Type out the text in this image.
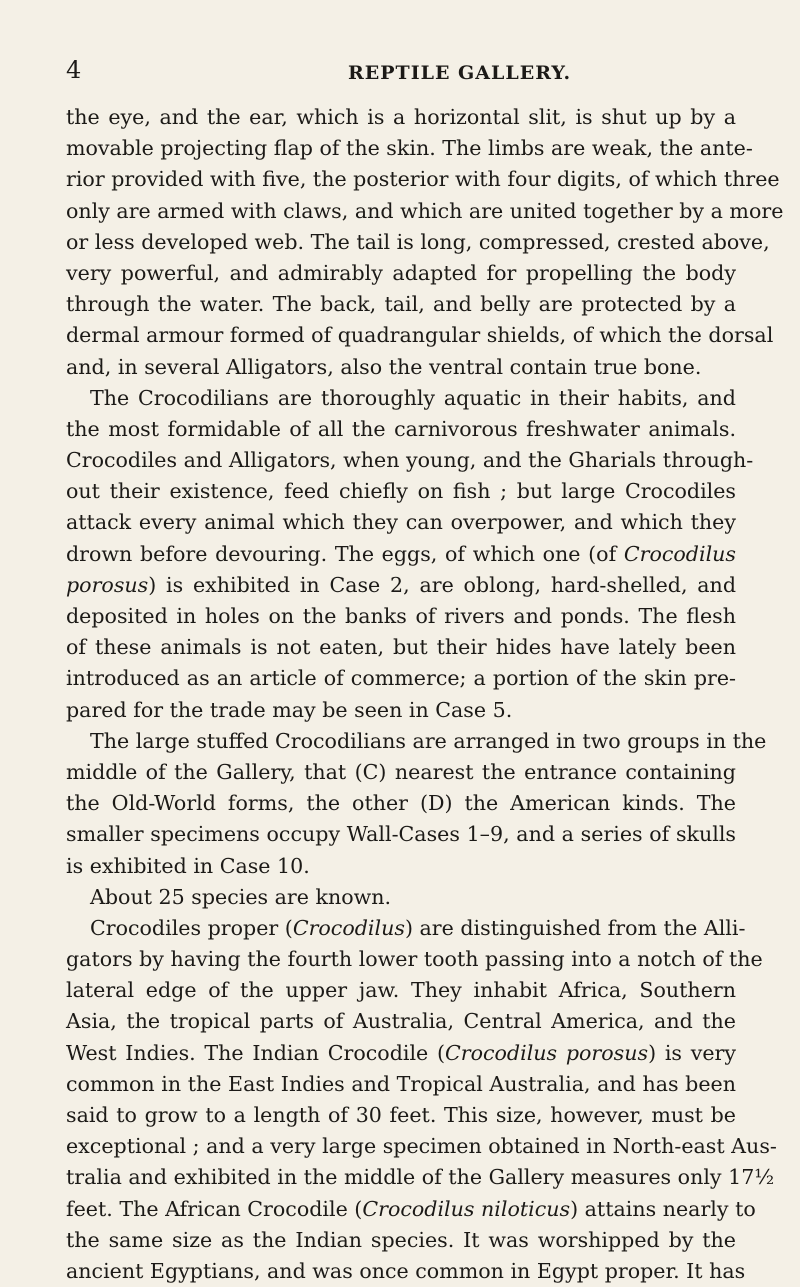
4	REPTILE GALLERY.
the eye, and the ear, which is a horizontal slit, is shut up by a
movable projecting flap of the skin. The limbs are weak, the ante-
rior provided with five, the posterior with four digits, of which three
only are armed with claws, and which are united together by a more
or less developed web. The tail is long, compressed, crested above,
very powerful, and admirably adapted for propelling the body
through the water. The back, tail, and belly are protected by a
dermal armour formed of quadrangular shields, of which the dorsal
and, in several Alligators, also the ventral contain true bone.
The Crocodilians are thoroughly aquatic in their habits, and
the most formidable of all the carnivorous freshwater animals.
Crocodiles and Alligators, when young, and the Gharials through-
out their existence, feed chiefly on fish ; but large Crocodiles
attack every animal which they can overpower, and which they
drown before devouring. The eggs, of which one (of Crocodilus
porosus) is exhibited in Case 2, are oblong, hard-shelled, and
deposited in holes on the banks of rivers and ponds. The flesh
of these animals is not eaten, but their hides have lately been
introduced as an article of commerce; a portion of the skin pre-
pared for the trade may be seen in Case 5.
The large stuffed Crocodilians are arranged in two groups in the
middle of the Gallery, that (C) nearest the entrance containing
the Old-World forms, the other (D) the American kinds. The
smaller specimens occupy Wall-Cases 1–9, and a series of skulls
is exhibited in Case 10.
About 25 species are known.
Crocodiles proper (Crocodilus) are distinguished from the Alli-
gators by having the fourth lower tooth passing into a notch of the
lateral edge of the upper jaw. They inhabit Africa, Southern
Asia, the tropical parts of Australia, Central America, and the
West Indies. The Indian Crocodile (Crocodilus porosus) is very
common in the East Indies and Tropical Australia, and has been
said to grow to a length of 30 feet. This size, however, must be
exceptional ; and a very large specimen obtained in North-east Aus-
tralia and exhibited in the middle of the Gallery measures only 17½
feet. The African Crocodile (Crocodilus niloticus) attains nearly to
the same size as the Indian species. It was worshipped by the
ancient Egyptians, and was once common in Egypt proper. It has
